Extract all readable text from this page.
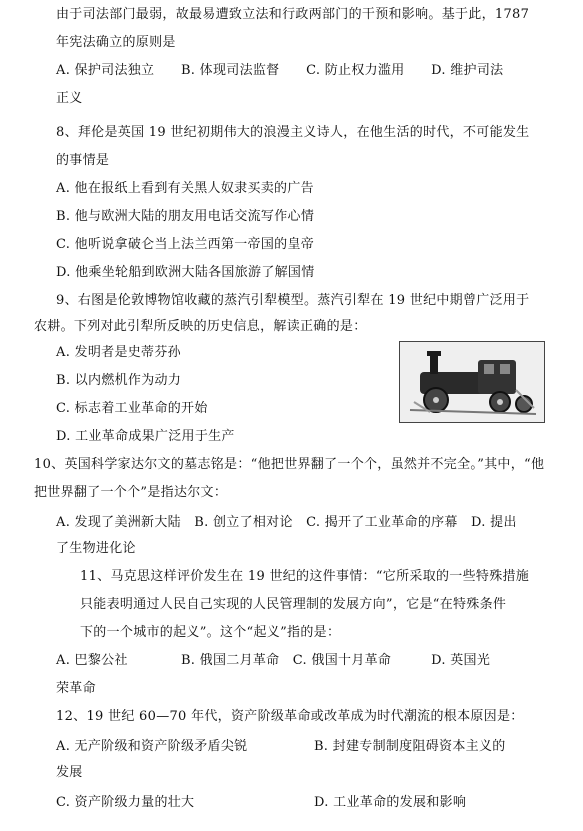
由于司法部门最弱，故最易遭致立法和行政两部门的干预和影响。基于此，1787
年宪法确立的原则是
A. 保护司法独立　　B. 体现司法监督　　C. 防止权力滥用　　D. 维护司法
正义
8、拜伦是英国 19 世纪初期伟大的浪漫主义诗人，在他生活的时代，不可能发生
的事情是
A. 他在报纸上看到有关黑人奴隶买卖的广告
B. 他与欧洲大陆的朋友用电话交流写作心情
C. 他听说拿破仑当上法兰西第一帝国的皇帝
D. 他乘坐轮船到欧洲大陆各国旅游了解国情
9、右图是伦敦博物馆收藏的蒸汽引犁模型。蒸汽引犁在 19 世纪中期曾广泛用于
农耕。下列对此引犁所反映的历史信息，解读正确的是：
A. 发明者是史蒂芬孙
B. 以内燃机作为动力
C. 标志着工业革命的开始
D. 工业革命成果广泛用于生产
10、英国科学家达尔文的墓志铭是：“他把世界翻了一个个，虽然并不完全。”其中，“他
把世界翻了一个个”是指达尔文：
A. 发现了美洲新大陆　B. 创立了相对论　C. 揭开了工业革命的序幕　D. 提出
了生物进化论
11、马克思这样评价发生在 19 世纪的这件事情：“它所采取的一些特殊措施
只能表明通过人民自己实现的人民管理制的发展方向”，它是“在特殊条件
下的一个城市的起义”。这个“起义”指的是：
A. 巴黎公社　　　　B. 俄国二月革命　C. 俄国十月革命　　　D. 英国光
荣革命
12、19 世纪 60—70 年代，资产阶级革命或改革成为时代潮流的根本原因是：
A. 无产阶级和资产阶级矛盾尖锐　　　　　B. 封建专制制度阻碍资本主义的
发展
C. 资产阶级力量的壮大　　　　　　　　　D. 工业革命的发展和影响
